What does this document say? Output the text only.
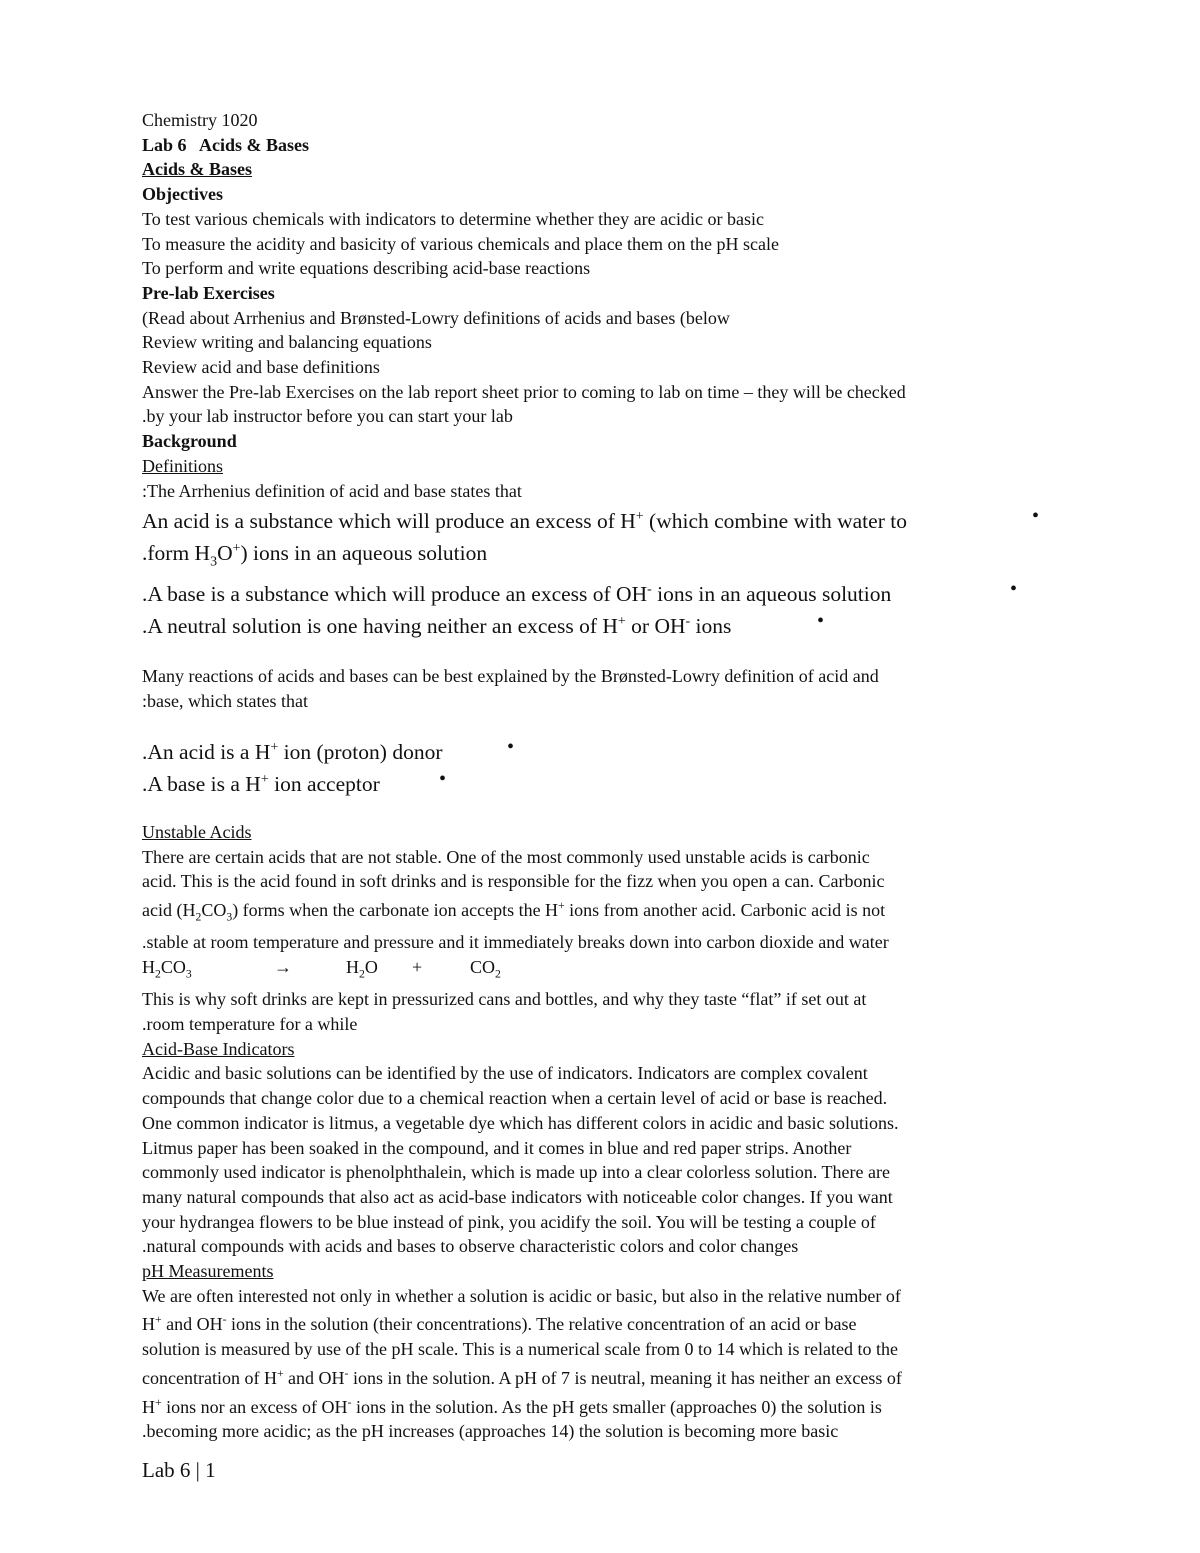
Chemistry 1020
Lab 6   Acids & Bases
Acids & Bases
Objectives
To test various chemicals with indicators to determine whether they are acidic or basic
To measure the acidity and basicity of various chemicals and place them on the pH scale
To perform and write equations describing acid-base reactions
Pre-lab Exercises
(Read about Arrhenius and Brønsted-Lowry definitions of acids and bases (below
Review writing and balancing equations
Review acid and base definitions
Answer the Pre-lab Exercises on the lab report sheet prior to coming to lab on time – they will be checked
.by your lab instructor before you can start your lab
Background
Definitions
:The Arrhenius definition of acid and base states that
An acid is a substance which will produce an excess of H+ (which combine with water to	•
.form $H_3O^+$) ions in an aqueous solution
.A base is a substance which will produce an excess of OH- ions in an aqueous solution	•
.A neutral solution is one having neither an excess of H+ or OH- ions	•
Many reactions of acids and bases can be best explained by the Brønsted-Lowry definition of acid and
:base, which states that
.An acid is a H+ ion (proton) donor	•
.A base is a H+ ion acceptor	•
Unstable Acids
There are certain acids that are not stable. One of the most commonly used unstable acids is carbonic
acid. This is the acid found in soft drinks and is responsible for the fizz when you open a can. Carbonic
acid $(H_2CO_3)$ forms when the carbonate ion accepts the H+ ions from another acid. Carbonic acid is not
.stable at room temperature and pressure and it immediately breaks down into carbon dioxide and water
$H_2CO_3$	→	$H_2O$ +	$CO_2$
This is why soft drinks are kept in pressurized cans and bottles, and why they taste “flat” if set out at
.room temperature for a while
Acid-Base Indicators
Acidic and basic solutions can be identified by the use of indicators. Indicators are complex covalent
compounds that change color due to a chemical reaction when a certain level of acid or base is reached.
One common indicator is litmus, a vegetable dye which has different colors in acidic and basic solutions.
Litmus paper has been soaked in the compound, and it comes in blue and red paper strips. Another
commonly used indicator is phenolphthalein, which is made up into a clear colorless solution. There are
many natural compounds that also act as acid-base indicators with noticeable color changes. If you want
your hydrangea flowers to be blue instead of pink, you acidify the soil. You will be testing a couple of
.natural compounds with acids and bases to observe characteristic colors and color changes
pH Measurements
We are often interested not only in whether a solution is acidic or basic, but also in the relative number of
H+ and OH- ions in the solution (their concentrations). The relative concentration of an acid or base
solution is measured by use of the pH scale. This is a numerical scale from 0 to 14 which is related to the
concentration of H+ and OH- ions in the solution. A pH of 7 is neutral, meaning it has neither an excess of
H+ ions nor an excess of OH- ions in the solution. As the pH gets smaller (approaches 0) the solution is
.becoming more acidic; as the pH increases (approaches 14) the solution is becoming more basic
Lab 6 | 1
